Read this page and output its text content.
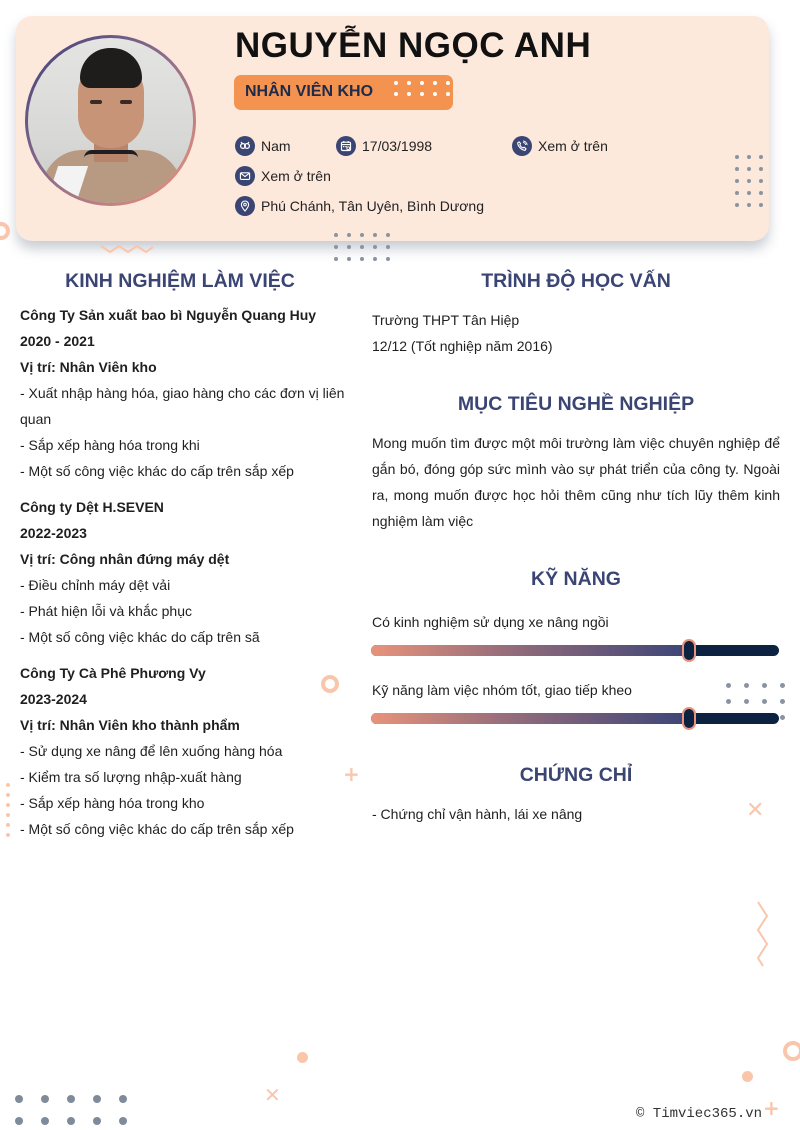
NGUYỄN NGỌC ANH
NHÂN VIÊN KHO
Nam	17/03/1998	Xem ở trên
Xem ở trên
Phú Chánh, Tân Uyên, Bình Dương
KINH NGHIỆM LÀM VIỆC
Công Ty Sản xuất bao bì Nguyễn Quang Huy
2020 - 2021
Vị trí: Nhân Viên kho
- Xuất nhập hàng hóa, giao hàng cho các đơn vị liên quan
- Sắp xếp hàng hóa trong khi
- Một số công việc khác do cấp trên sắp xếp
Công ty Dệt H.SEVEN
2022-2023
Vị trí: Công nhân đứng máy dệt
- Điều chỉnh máy dệt vải
- Phát hiện lỗi và khắc phục
- Một số công việc khác do cấp trên sã
Công Ty Cà Phê Phương Vy
2023-2024
Vị trí: Nhân Viên kho thành phẩm
- Sử dụng xe nâng để lên xuống hàng hóa
- Kiểm tra số lượng nhập-xuất hàng
- Sắp xếp hàng hóa trong kho
- Một số công việc khác do cấp trên sắp xếp
TRÌNH ĐỘ HỌC VẤN
Trường THPT Tân Hiệp
12/12 (Tốt nghiệp năm 2016)
MỤC TIÊU NGHỀ NGHIỆP
Mong muốn tìm được một môi trường làm việc chuyên nghiệp để gắn bó, đóng góp sức mình vào sự phát triển của công ty. Ngoài ra, mong muốn được học hỏi thêm cũng như tích lũy thêm kinh nghiệm làm việc
KỸ NĂNG
Có kinh nghiệm sử dụng xe nâng ngồi
Kỹ năng làm việc nhóm tốt, giao tiếp kheo
CHỨNG CHỈ
- Chứng chỉ vận hành, lái xe nâng
+
✕
✕
+
© Timviec365.vn
